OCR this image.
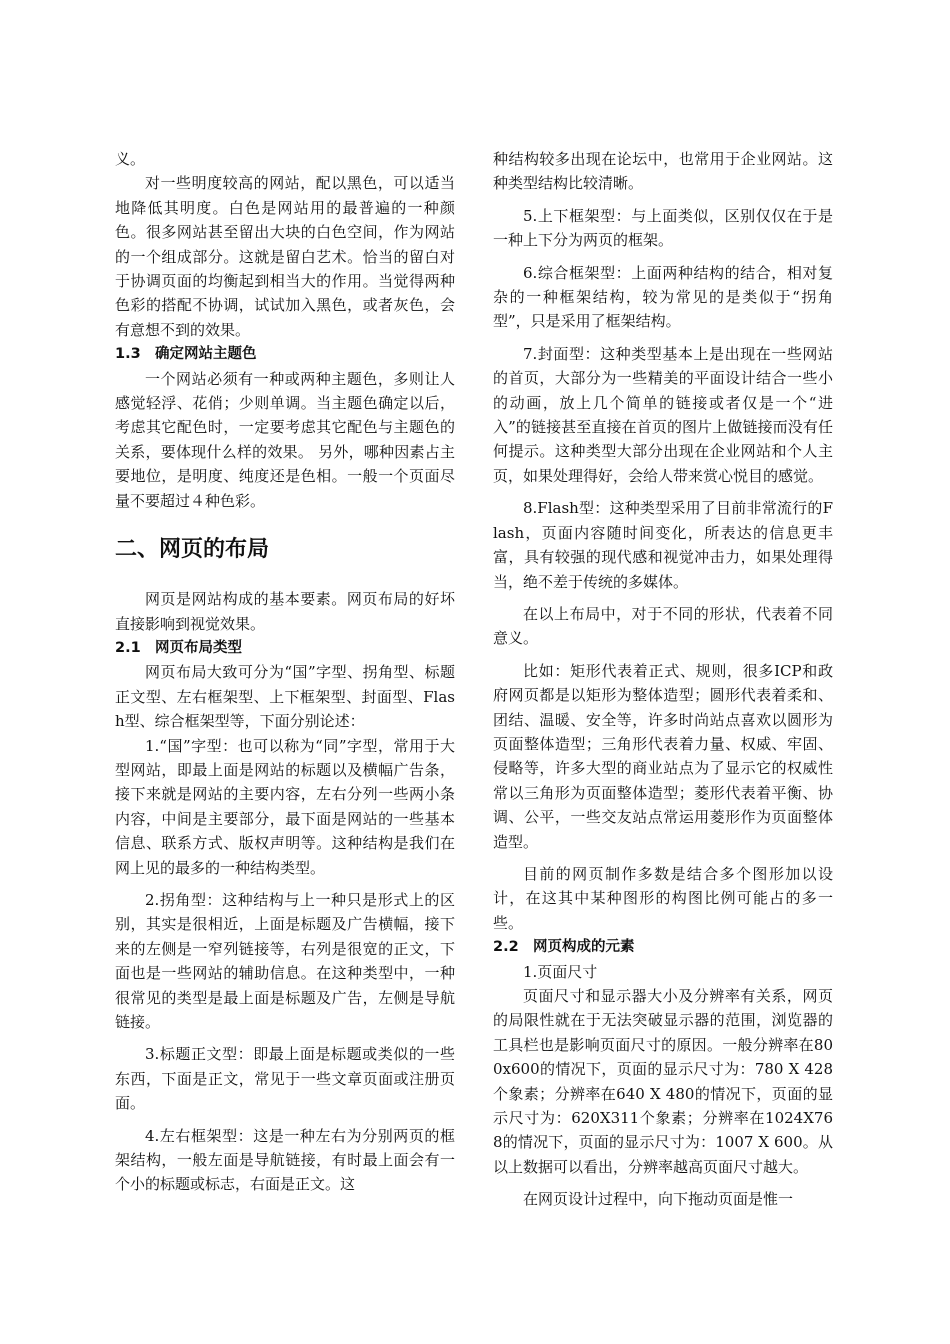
义。

对一些明度较高的网站，配以黑色，可以适当地降低其明度。白色是网站用的最普遍的一种颜色。很多网站甚至留出大块的白色空间，作为网站的一个组成部分。这就是留白艺术。恰当的留白对于协调页面的均衡起到相当大的作用。当觉得两种色彩的搭配不协调，试试加入黑色，或者灰色，会有意想不到的效果。

1.3 确定网站主题色

一个网站必须有一种或两种主题色，多则让人感觉轻浮、花俏；少则单调。当主题色确定以后，考虑其它配色时，一定要考虑其它配色与主题色的关系，要体现什么样的效果。 另外，哪种因素占主要地位，是明度、纯度还是色相。一般一个页面尽量不要超过４种色彩。

二、网页的布局

网页是网站构成的基本要素。网页布局的好坏直接影响到视觉效果。

2.1 网页布局类型

网页布局大致可分为“国”字型、拐角型、标题正文型、左右框架型、上下框架型、封面型、Flash型、综合框架型等，下面分别论述：

1.“国”字型：也可以称为“同”字型，常用于大型网站，即最上面是网站的标题以及横幅广告条，接下来就是网站的主要内容，左右分列一些两小条内容，中间是主要部分，最下面是网站的一些基本信息、联系方式、版权声明等。这种结构是我们在网上见的最多的一种结构类型。

2.拐角型：这种结构与上一种只是形式上的区别，其实是很相近，上面是标题及广告横幅，接下来的左侧是一窄列链接等，右列是很宽的正文，下面也是一些网站的辅助信息。在这种类型中，一种很常见的类型是最上面是标题及广告，左侧是导航链接。

3.标题正文型：即最上面是标题或类似的一些东西，下面是正文，常见于一些文章页面或注册页面。

4.左右框架型：这是一种左右为分别两页的框架结构，一般左面是导航链接，有时最上面会有一个小的标题或标志，右面是正文。这

种结构较多出现在论坛中，也常用于企业网站。这种类型结构比较清晰。

5.上下框架型：与上面类似，区别仅仅在于是一种上下分为两页的框架。

6.综合框架型：上面两种结构的结合，相对复杂的一种框架结构，较为常见的是类似于“拐角型”，只是采用了框架结构。

7.封面型：这种类型基本上是出现在一些网站的首页，大部分为一些精美的平面设计结合一些小的动画，放上几个简单的链接或者仅是一个“进入”的链接甚至直接在首页的图片上做链接而没有任何提示。这种类型大部分出现在企业网站和个人主页，如果处理得好，会给人带来赏心悦目的感觉。

8.Flash型：这种类型采用了目前非常流行的Flash，页面内容随时间变化，所表达的信息更丰富，具有较强的现代感和视觉冲击力，如果处理得当，绝不差于传统的多媒体。

在以上布局中，对于不同的形状，代表着不同意义。

比如：矩形代表着正式、规则，很多ICP和政府网页都是以矩形为整体造型；圆形代表着柔和、团结、温暖、安全等，许多时尚站点喜欢以圆形为页面整体造型；三角形代表着力量、权威、牢固、侵略等，许多大型的商业站点为了显示它的权威性常以三角形为页面整体造型；菱形代表着平衡、协调、公平，一些交友站点常运用菱形作为页面整体造型。

目前的网页制作多数是结合多个图形加以设计，在这其中某种图形的构图比例可能占的多一些。

2.2 网页构成的元素

1.页面尺寸

页面尺寸和显示器大小及分辨率有关系，网页的局限性就在于无法突破显示器的范围，浏览器的工具栏也是影响页面尺寸的原因。一般分辨率在800x600的情况下，页面的显示尺寸为：780 X 428个象素；分辨率在640 X 480的情况下，页面的显示尺寸为：620X311个象素；分辨率在1024X768的情况下，页面的显示尺寸为：1007 X 600。从以上数据可以看出，分辨率越高页面尺寸越大。

在网页设计过程中，向下拖动页面是惟一
